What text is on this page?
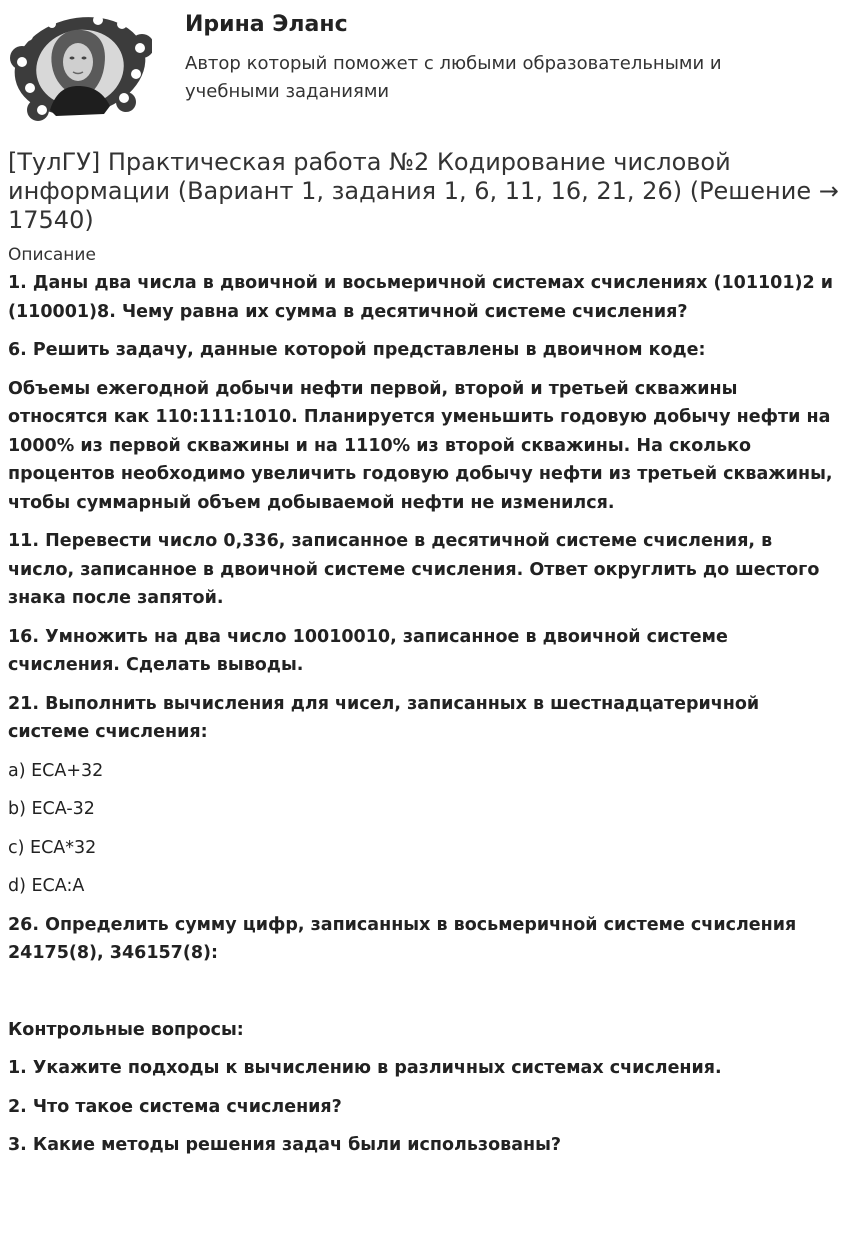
Ирина Эланс
Автор который поможет с любыми образовательными и учебными заданиями
[ТулГУ] Практическая работа №2 Кодирование числовой информации (Вариант 1, задания 1, 6, 11, 16, 21, 26) (Решение → 17540)
Описание

1. Даны два числа в двоичной и восьмеричной системах счислениях (101101)2 и (110001)8. Чему равна их сумма в десятичной системе счисления?

6. Решить задачу, данные которой представлены в двоичном коде:

Объемы ежегодной добычи нефти первой, второй и третьей скважины относятся как 110:111:1010. Планируется уменьшить годовую добычу нефти на 1000% из первой скважины и на 1110% из второй скважины. На сколько процентов необходимо увеличить годовую добычу нефти из третьей скважины, чтобы суммарный объем добываемой нефти не изменился.

11. Перевести число 0,336, записанное в десятичной системе счисления, в число, записанное в двоичной системе счисления. Ответ округлить до шестого знака после запятой.

16. Умножить на два число 10010010, записанное в двоичной системе счисления. Сделать выводы.

21. Выполнить вычисления для чисел, записанных в шестнадцатеричной системе счисления:

a) ECA+32

b) ECA-32

c) ECA*32

d) ECA:A

26. Определить сумму цифр, записанных в восьмеричной системе счисления 24175(8), 346157(8):

Контрольные вопросы:

1. Укажите подходы к вычислению в различных системах счисления.

2. Что такое система счисления?

3. Какие методы решения задач были использованы?
